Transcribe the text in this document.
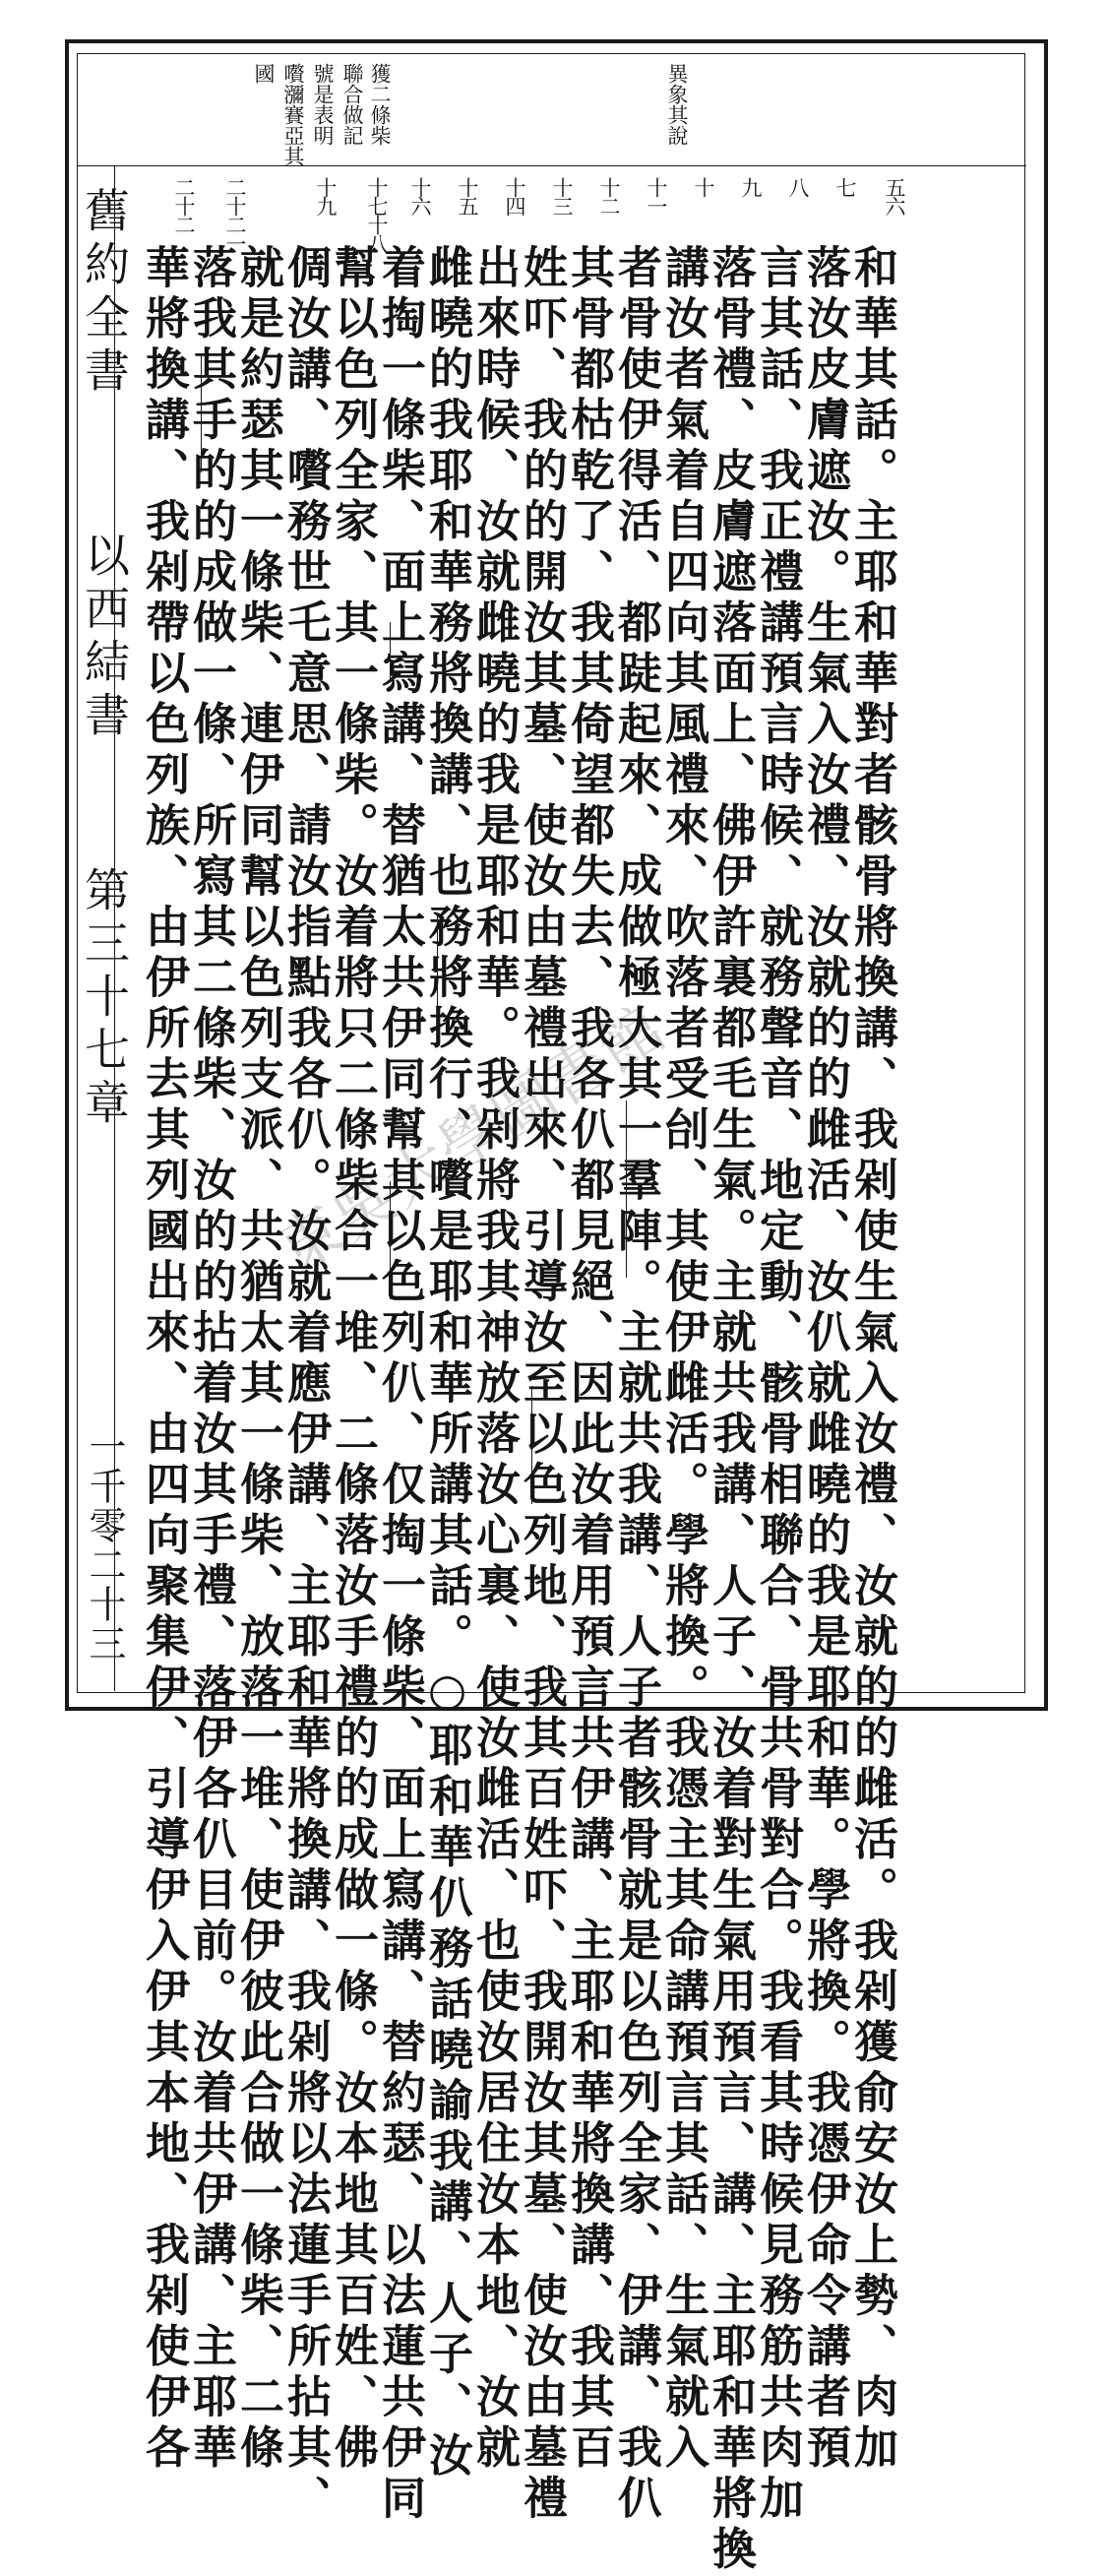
異象其說
獲二條柴
聯合做記
號是表明
嚽瀰賽亞其
國
舊約全書
以西結書
第三十七章
一千零二十三
五六
七
八
九
十
十一
十二
十三
十四
十五
十六
十七十八
十九
二十二一
二十二
和華其話。主耶和華對者骸骨將換講、我剁使生氣入汝禮、汝就的的雌活。我剁獲俞安汝上勢、肉加
落汝皮膚遮汝。生氣入汝禮、汝就的的雌活、汝仈就雌曉的我是耶和華。學將換。我憑伊命令講者預
言其話、我正禮講預言時候、就務聲音、地定動、骸骨相聯合、骨共骨對合。我看其時候見務筋共肉加
落骨禮、皮膚遮落面上、佛伊許裏都毛生氣。主就共我講、人子、汝着對生氣用預言、講、主耶和華將換
講汝者氣着自四向其風禮來、吹落者受刣、其使伊雌活。學將換。我憑主其命講預言其話、生氣就入
者骨使伊得活、都跿起來、成做極大其一羣陣。主就共我講、人子者骸骨就是以色列全家、伊講、我仈
其骨都枯乾了、我其倚望都失去、我各仈都見絕、因此汝着用預言共伊講、主耶和華將換講、我其百
姓吓、我的的開汝其墓、使汝由墓禮出來、引導汝至以色列地、我其百姓吓、我開汝其墓、使汝由墓禮
出來時候、汝就雌曉的我是耶和華。我剁將我其神放落汝心裏、使汝雌活、也使汝居住汝本地、汝就
雌曉的我耶和華務將換講、也務將換行、嚽是耶和華所講其話。○耶和華仈務話曉諭我講、人子、汝
着掏一條柴、面上寫講、替猶太共伊同幫其以色列仈、仅掏一條柴、面上寫講、替約瑟、以法蓮共伊同
幫以色列全家、其一條柴。汝着將只二條柴合一堆、二條落汝手禮的的成做一條。汝本地其百姓、佛
倜汝講、嚽務世乇意思、請汝指點我各仈。汝就着應伊講、主耶和華將換講、我剁將以法蓮手所拈其、
就是約瑟其一條柴、連伊同幫以色列支派、共猶太其一條柴、放落一堆、使伊彼此合做一條柴、二條
落我其手的的成做一條、所寫其二條柴、汝的的拈着汝其手禮、落伊各仈目前。汝着共伊講、主耶華
華將換講、我剁帶以色列族、由伊所去其列國出來、由四向聚集伊、引導伊入伊其本地、我剁使伊各 東吳大學圖書館
